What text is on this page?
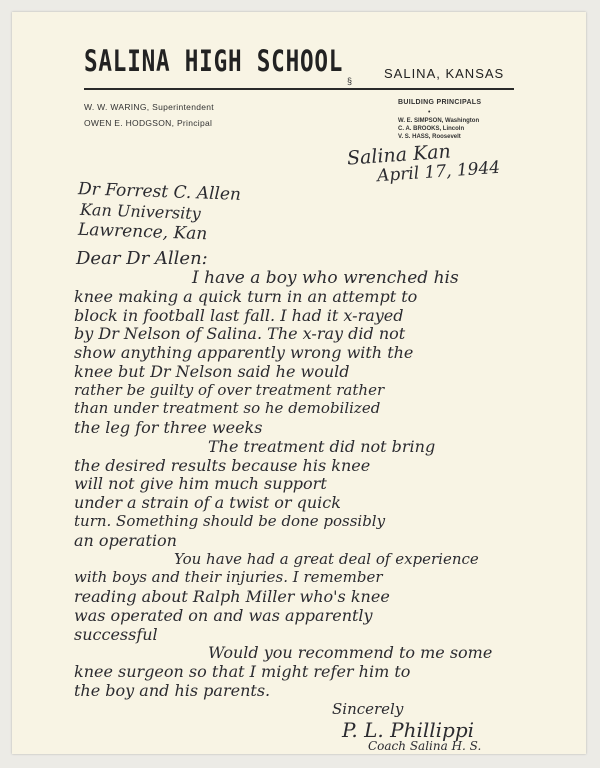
SALINA HIGH SCHOOL
§ SALINA, KANSAS
W. W. WARING, Superintendent
OWEN E. HODGSON, Principal
BUILDING PRINCIPALS
•
W. E. SIMPSON, Washington
C. A. BROOKS, Lincoln
V. S. HASS, Roosevelt
Salina Kan
April 17, 1944
Dr Forrest C. Allen
Kan University
Lawrence, Kan
Dear Dr Allen:
I have a boy who wrenched his
knee making a quick turn in an attempt to
block in football last fall. I had it x-rayed
by Dr Nelson of Salina. The x-ray did not
show anything apparently wrong with the
knee but Dr Nelson said he would
rather be guilty of over treatment rather
than under treatment so he demobilized
the leg for three weeks
The treatment did not bring
the desired results because his knee
will not give him much support
under a strain of a twist or quick
turn. Something should be done possibly
an operation
You have had a great deal of experience
with boys and their injuries. I remember
reading about Ralph Miller who's knee
was operated on and was apparently
successful
Would you recommend to me some
knee surgeon so that I might refer him to
the boy and his parents.
Sincerely
P. L. Phillippi
Coach Salina H. S.
